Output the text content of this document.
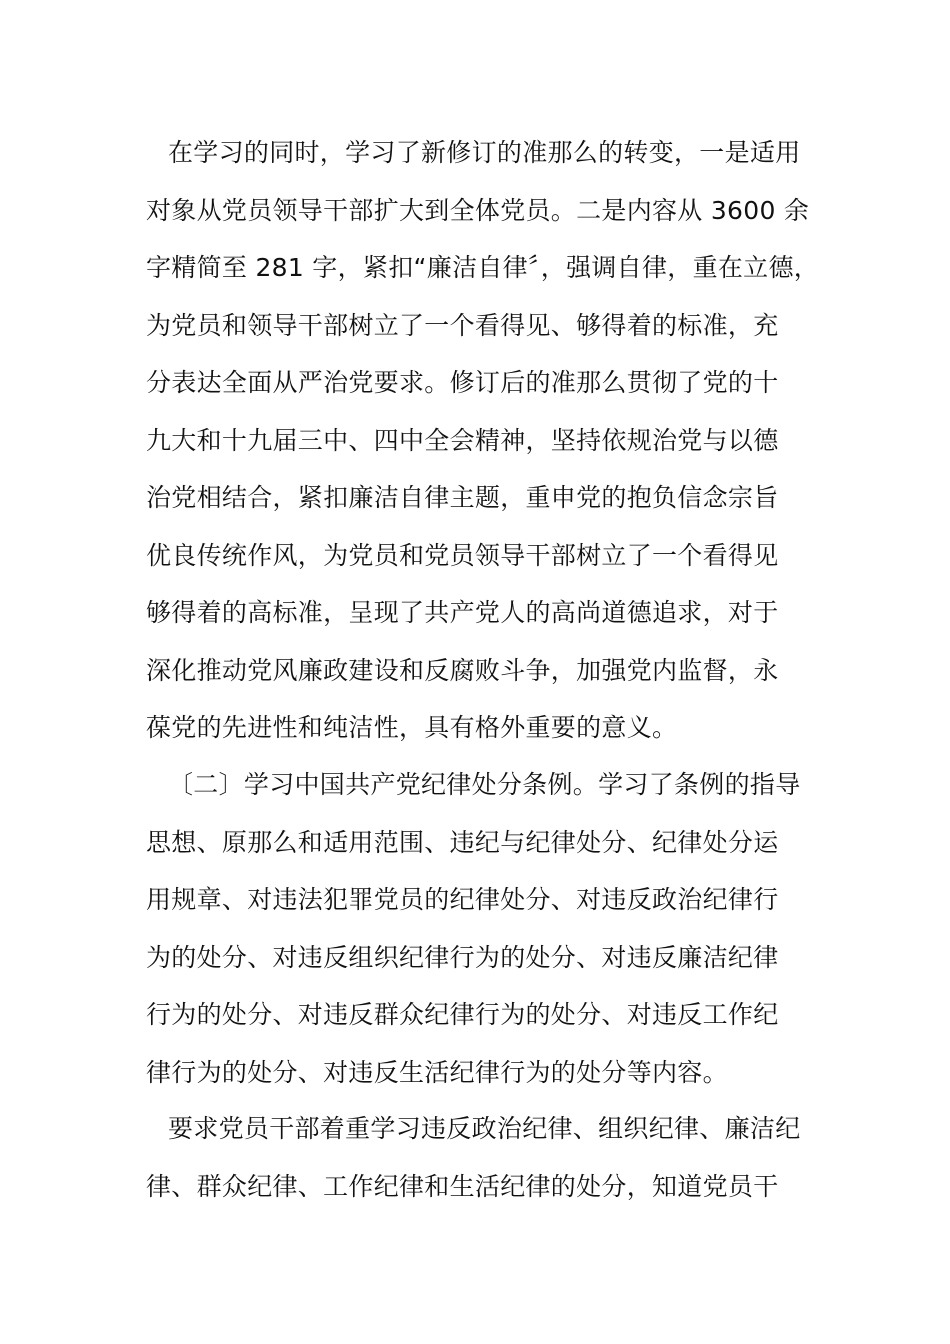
在学习的同时，学习了新修订的准那么的转变，一是适用
对象从党员领导干部扩大到全体党员。二是内容从 3600 余
字精简至 281 字，紧扣“廉洁自律〞，强调自律，重在立德，
为党员和领导干部树立了一个看得见、够得着的标准，充
分表达全面从严治党要求。修订后的准那么贯彻了党的十
九大和十九届三中、四中全会精神，坚持依规治党与以德
治党相结合，紧扣廉洁自律主题，重申党的抱负信念宗旨
优良传统作风，为党员和党员领导干部树立了一个看得见
够得着的高标准，呈现了共产党人的高尚道德追求，对于
深化推动党风廉政建设和反腐败斗争，加强党内监督，永
葆党的先进性和纯洁性，具有格外重要的意义。
〔二〕学习中国共产党纪律处分条例。学习了条例的指导
思想、原那么和适用范围、违纪与纪律处分、纪律处分运
用规章、对违法犯罪党员的纪律处分、对违反政治纪律行
为的处分、对违反组织纪律行为的处分、对违反廉洁纪律
行为的处分、对违反群众纪律行为的处分、对违反工作纪
律行为的处分、对违反生活纪律行为的处分等内容。
要求党员干部着重学习违反政治纪律、组织纪律、廉洁纪
律、群众纪律、工作纪律和生活纪律的处分，知道党员干
